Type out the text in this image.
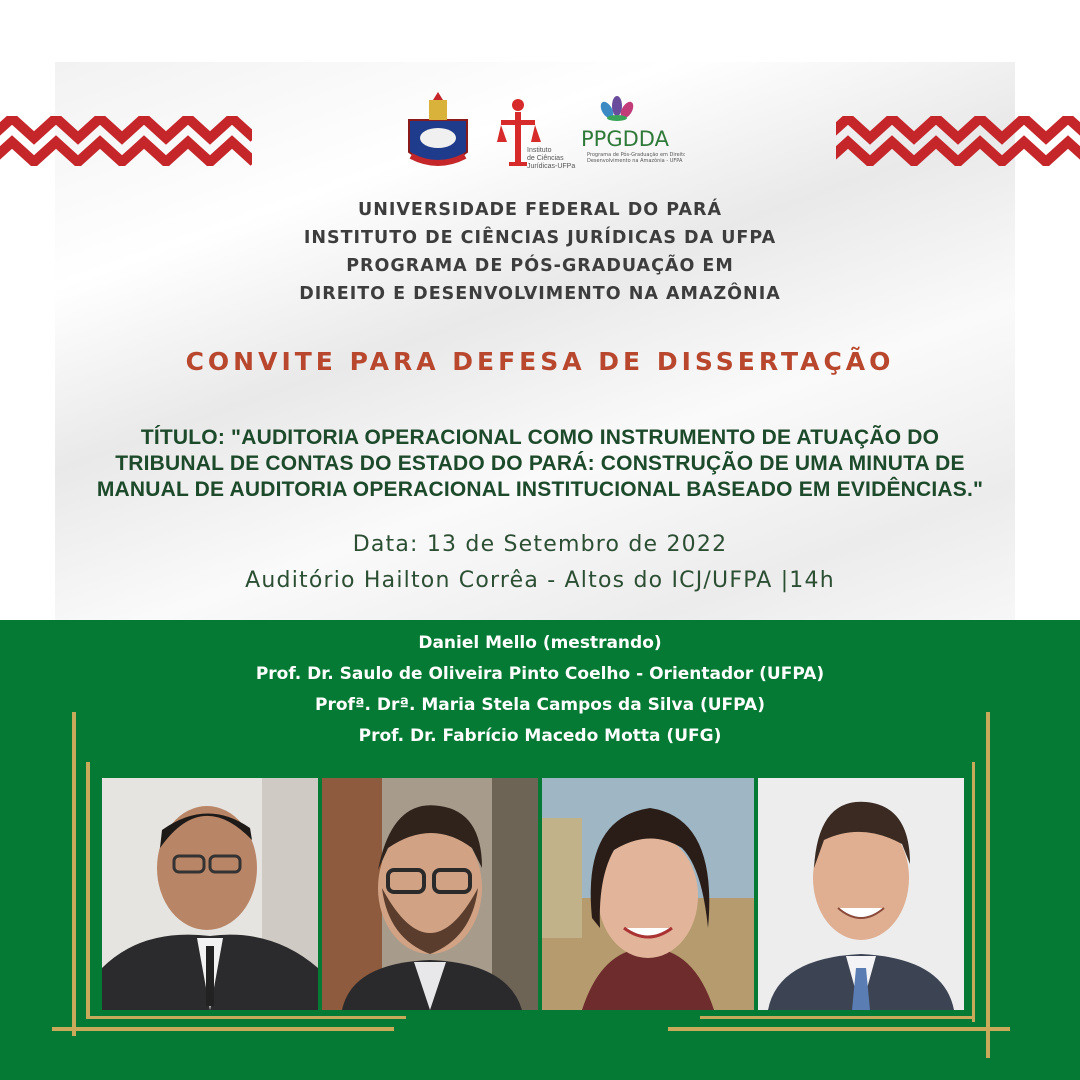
Instituto
de Ciências
Jurídicas-UFPa
PPGDDA
Programa de Pós-Graduação em Direito e
Desenvolvimento na Amazônia - UFPA
UNIVERSIDADE FEDERAL DO PARÁ
INSTITUTO DE CIÊNCIAS JURÍDICAS DA UFPA
PROGRAMA DE PÓS-GRADUAÇÃO EM
DIREITO E DESENVOLVIMENTO NA AMAZÔNIA
CONVITE PARA DEFESA DE DISSERTAÇÃO
TÍTULO: "AUDITORIA OPERACIONAL COMO INSTRUMENTO DE ATUAÇÃO DO
TRIBUNAL DE CONTAS DO ESTADO DO PARÁ: CONSTRUÇÃO DE UMA MINUTA DE
MANUAL DE AUDITORIA OPERACIONAL INSTITUCIONAL BASEADO EM EVIDÊNCIAS."
Data: 13 de Setembro de 2022
Auditório Hailton Corrêa - Altos do ICJ/UFPA |14h
Daniel Mello (mestrando)
Prof. Dr. Saulo de Oliveira Pinto Coelho - Orientador (UFPA)
Profª. Drª. Maria Stela Campos da Silva (UFPA)
Prof. Dr. Fabrício Macedo Motta (UFG)
